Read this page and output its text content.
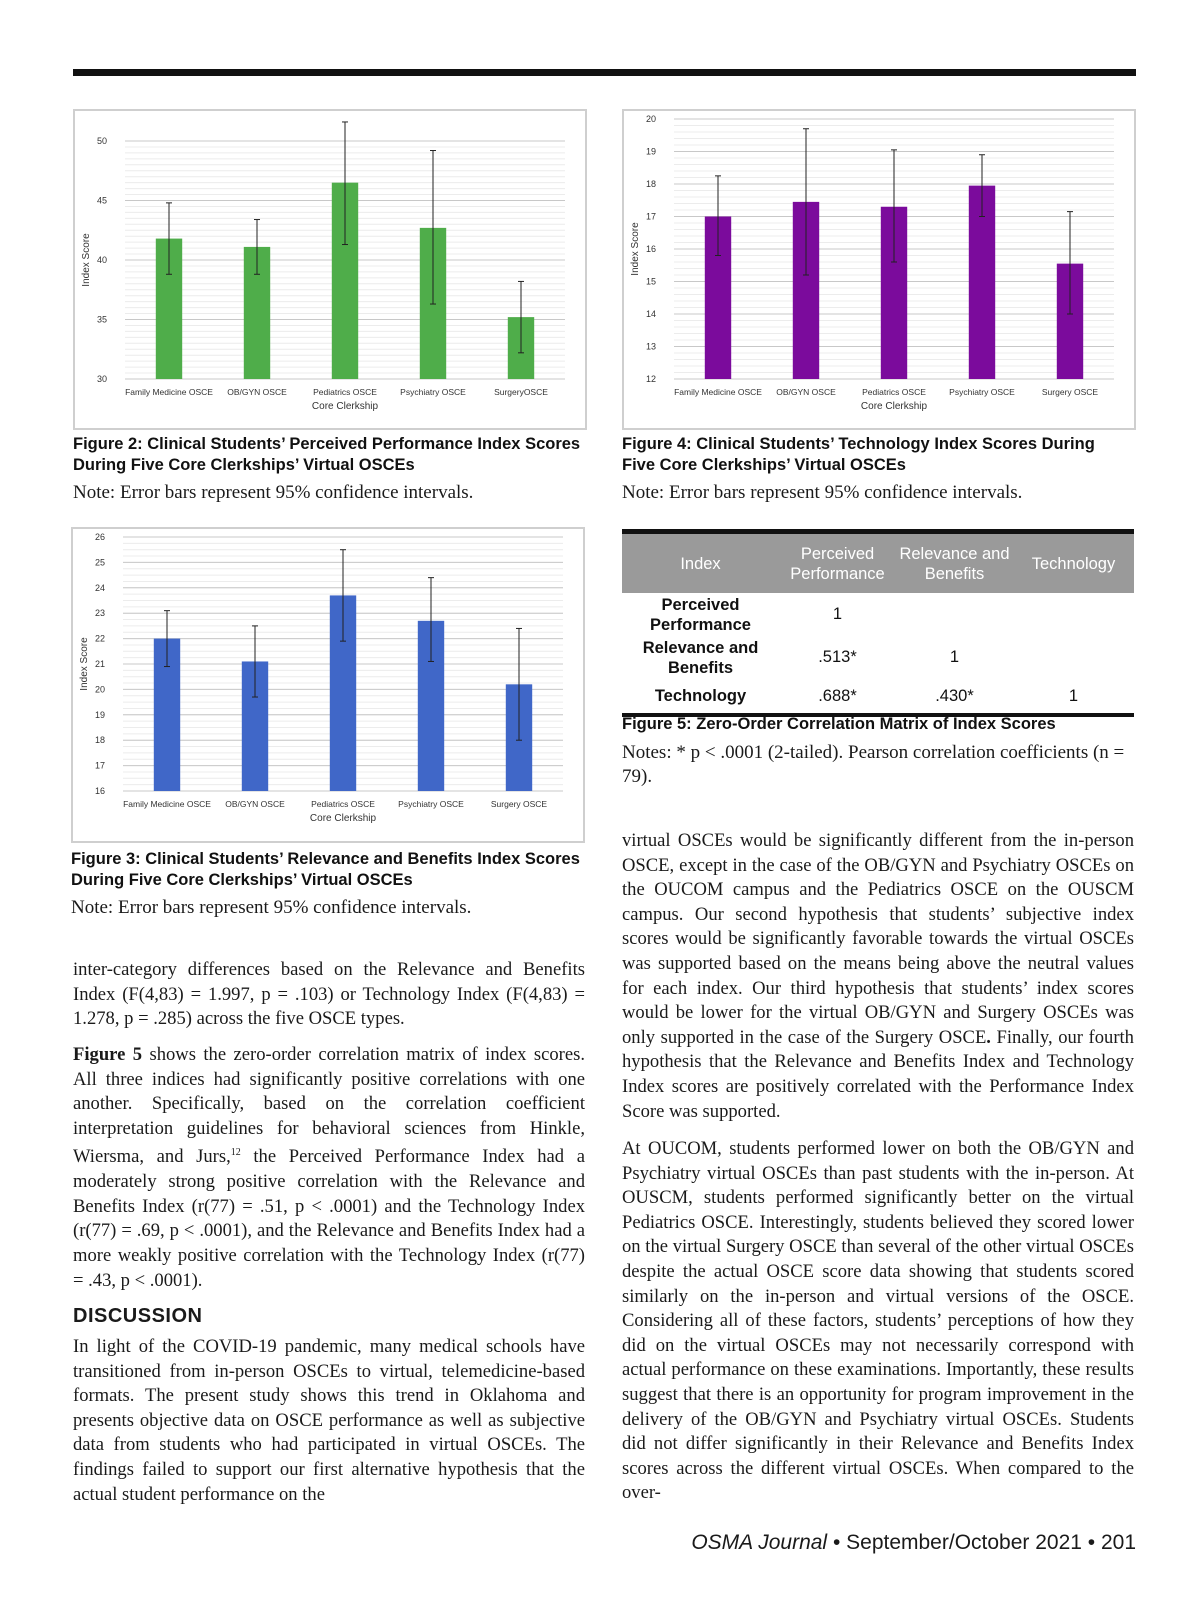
30
35
40
45
50
Index Score
Family Medicine OSCE OB/GYN OSCE	Pediatrics OSCE	Psychiatry OSCE	SurgeryOSCE
Core Clerkship
Figure 2: Clinical Students’ Perceived Performance Index Scores
During Five Core Clerkships’ Virtual OSCEs
Note: Error bars represent 95% confidence intervals.
12
13
14
15
16
17
18
19
20
Index Score
Family Medicine OSCE OB/GYN OSCE	Pediatrics OSCE	Psychiatry OSCE	Surgery OSCE
Core Clerkship
Figure 4: Clinical Students’ Technology Index Scores During
Five Core Clerkships’ Virtual OSCEs
Note: Error bars represent 95% confidence intervals.
16
17
18
19
20
21
22
23
24
25
26
Index Score
Family Medicine OSCE OB/GYN OSCE	Pediatrics OSCE	Psychiatry OSCE	Surgery OSCE
Core Clerkship
Figure 3: Clinical Students’ Relevance and Benefits Index Scores
During Five Core Clerkships’ Virtual OSCEs
Note: Error bars represent 95% confidence intervals.
Index	Perceived Performance	Relevance and Benefits	Technology
Perceived Performance	1		
Relevance and Benefits	.513*	1	
Technology	.688*	.430*	1
Figure 5: Zero-Order Correlation Matrix of Index Scores
Notes: * p < .0001 (2-tailed). Pearson correlation coefficients (n = 79).
inter-category differences based on the Relevance and Benefits Index (F(4,83) = 1.997, p = .103) or Technology Index (F(4,83) = 1.278, p = .285) across the five OSCE types.
Figure 5 shows the zero-order correlation matrix of index scores. All three indices had significantly positive correlations with one another. Specifically, based on the correlation coefficient interpretation guidelines for behavioral sciences from Hinkle, Wiersma, and Jurs,$^{12}$ the Perceived Performance Index had a moderately strong positive correlation with the Relevance and Benefits Index (r(77) = .51, p < .0001) and the Technology Index (r(77) = .69, p < .0001), and the Relevance and Benefits Index had a more weakly positive correlation with the Technology Index (r(77) = .43, p < .0001).
DISCUSSION
In light of the COVID-19 pandemic, many medical schools have transitioned from in-person OSCEs to virtual, telemedicine-based formats. The present study shows this trend in Oklahoma and presents objective data on OSCE performance as well as subjective data from students who had participated in virtual OSCEs. The findings failed to support our first alternative hypothesis that the actual student performance on the
virtual OSCEs would be significantly different from the in-person OSCE, except in the case of the OB/GYN and Psychiatry OSCEs on the OUCOM campus and the Pediatrics OSCE on the OUSCM campus. Our second hypothesis that students’ subjective index scores would be significantly favorable towards the virtual OSCEs was supported based on the means being above the neutral values for each index. Our third hypothesis that students’ index scores would be lower for the virtual OB/GYN and Surgery OSCEs was only supported in the case of the Surgery OSCE. Finally, our fourth hypothesis that the Relevance and Benefits Index and Technology Index scores are positively correlated with the Performance Index Score was supported.
At OUCOM, students performed lower on both the OB/GYN and Psychiatry virtual OSCEs than past students with the in-person. At OUSCM, students performed significantly better on the virtual Pediatrics OSCE. Interestingly, students believed they scored lower on the virtual Surgery OSCE than several of the other virtual OSCEs despite the actual OSCE score data showing that students scored similarly on the in-person and virtual versions of the OSCE. Considering all of these factors, students’ perceptions of how they did on the virtual OSCEs may not necessarily correspond with actual performance on these examinations. Importantly, these results suggest that there is an opportunity for program improvement in the delivery of the OB/GYN and Psychiatry virtual OSCEs. Students did not differ significantly in their Relevance and Benefits Index scores across the different virtual OSCEs. When compared to the over-
OSMA Journal • September/October 2021 • 201
